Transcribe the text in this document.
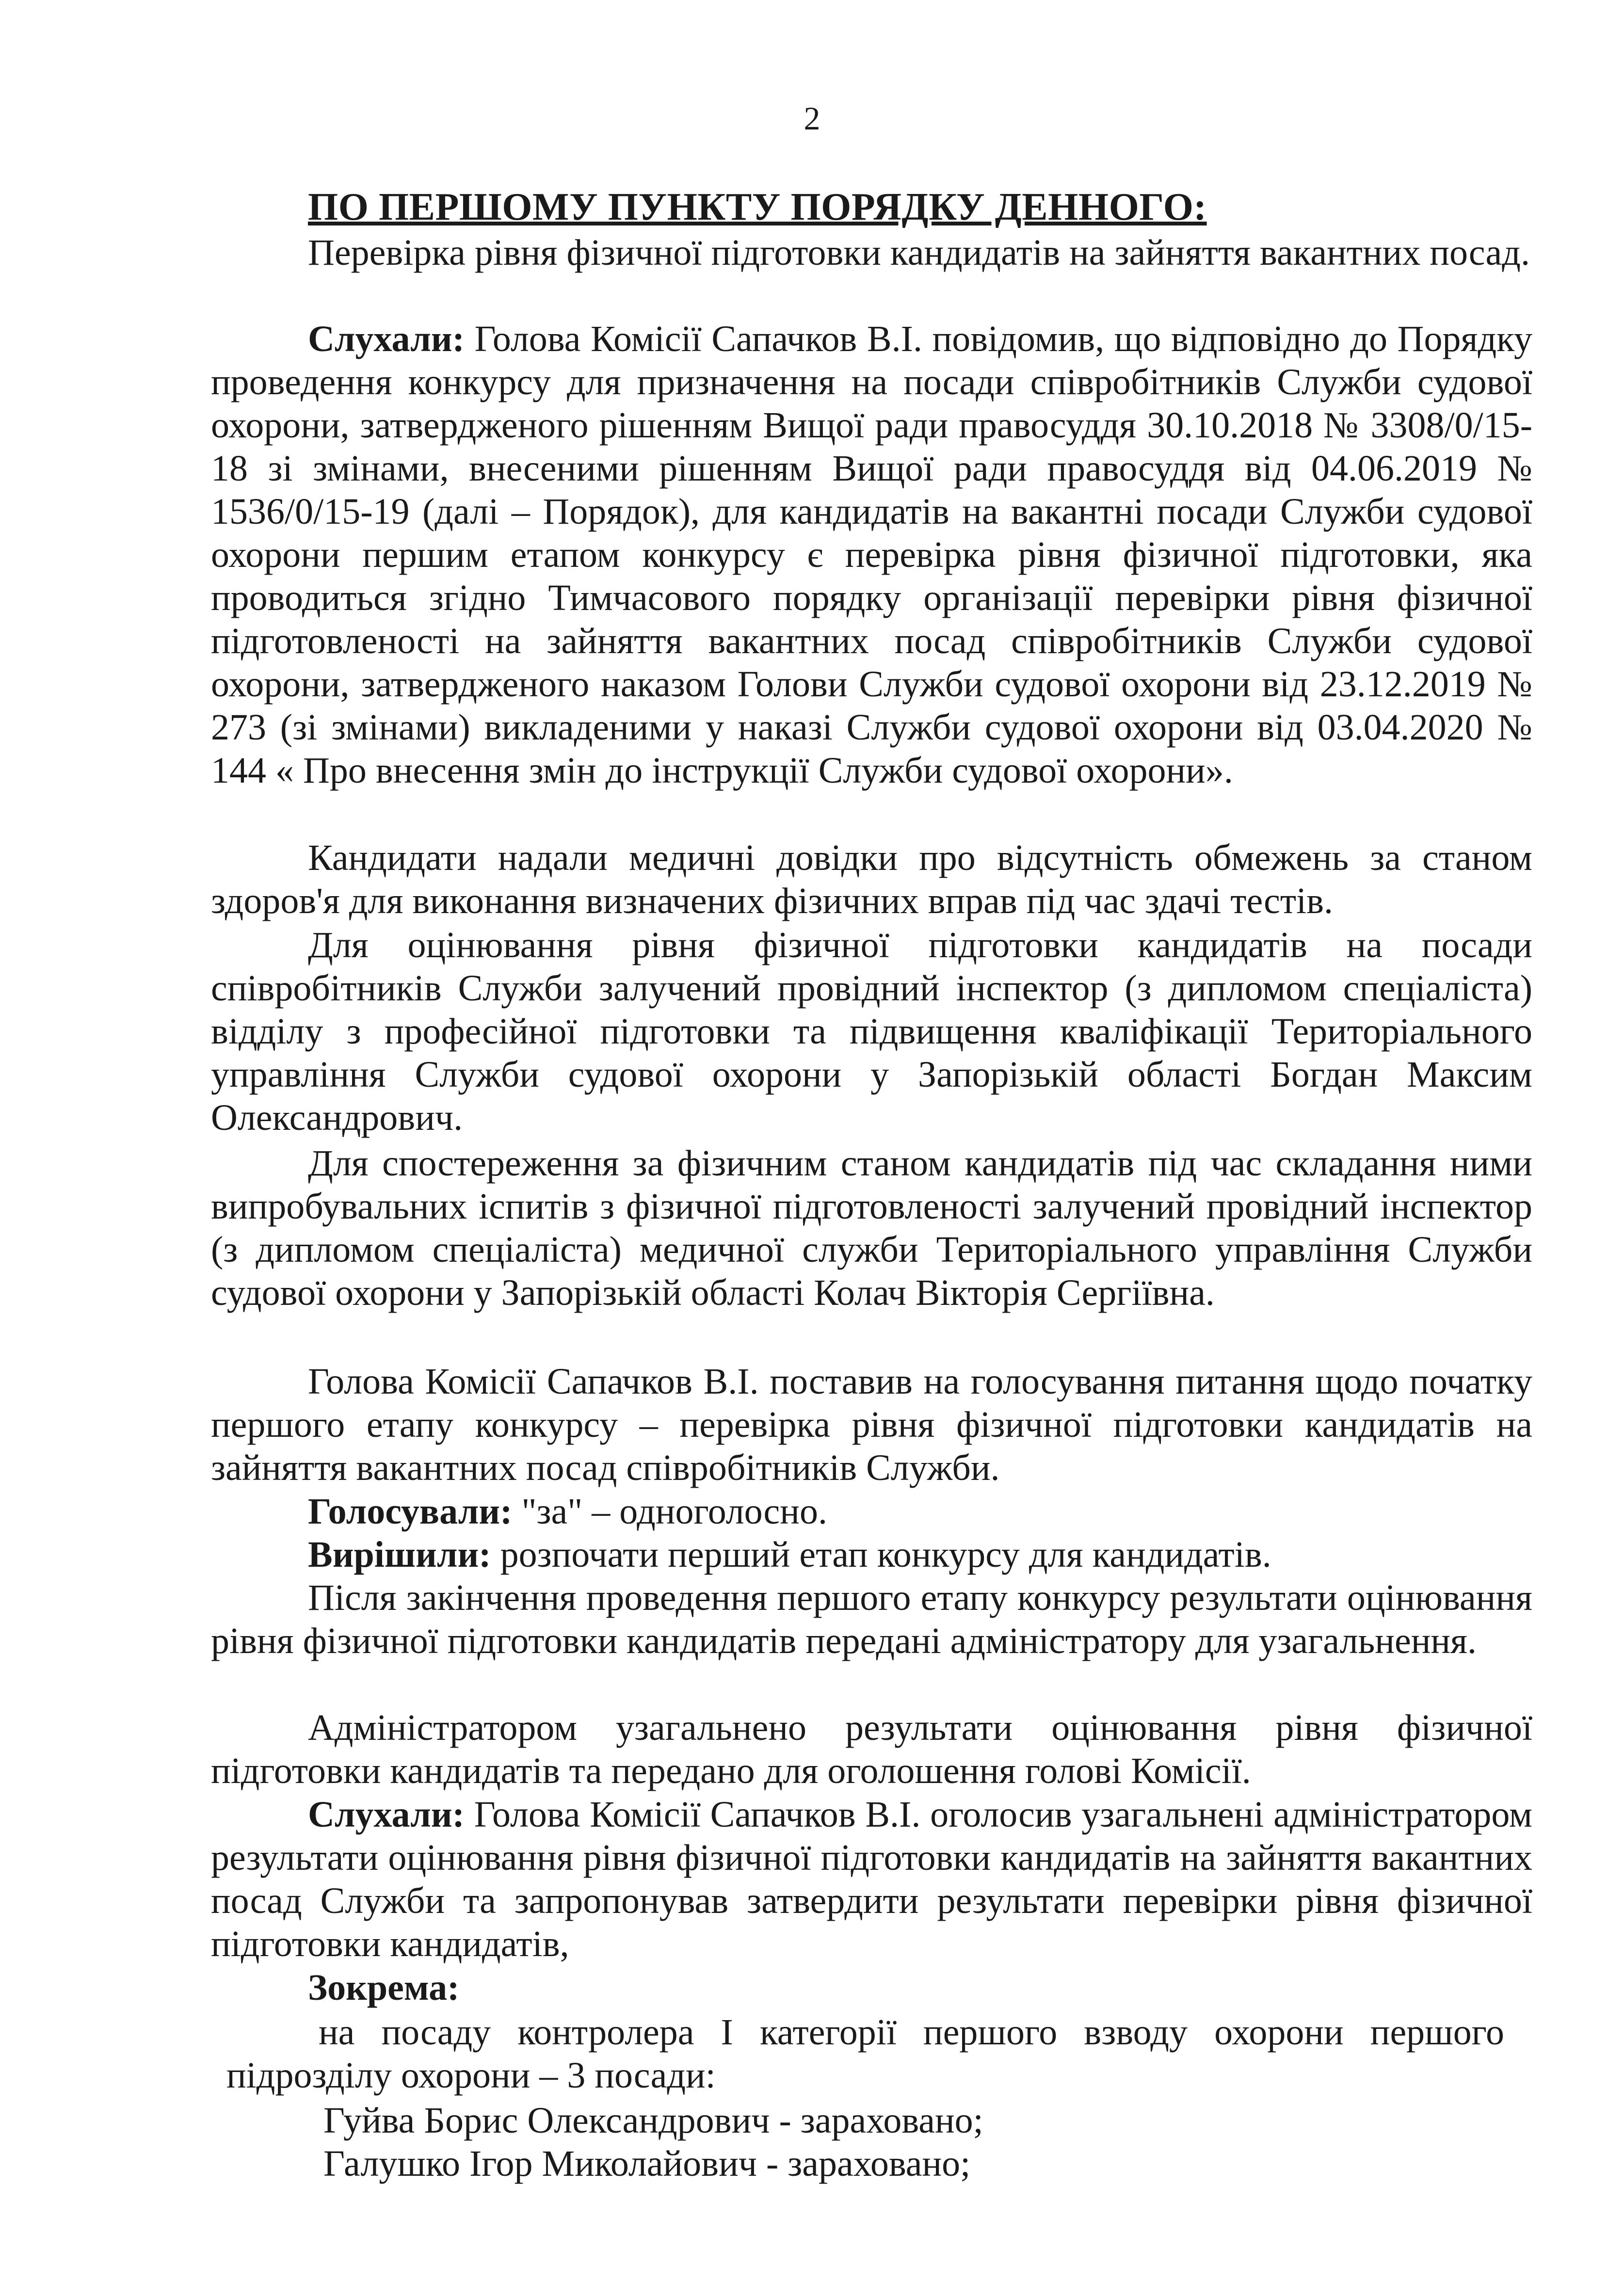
2
ПО ПЕРШОМУ ПУНКТУ ПОРЯДКУ ДЕННОГО:

Перевірка рівня фізичної підготовки кандидатів на зайняття вакантних посад.

Слухали: Голова Комісії Сапачков В.І. повідомив, що відповідно до Порядку проведення конкурсу для призначення на посади співробітників Служби судової охорони, затвердженого рішенням Вищої ради правосуддя 30.10.2018 № 3308/0/15-18 зі змінами, внесеними рішенням Вищої ради правосуддя від 04.06.2019 № 1536/0/15-19 (далі – Порядок), для кандидатів на вакантні посади Служби судової охорони першим етапом конкурсу є перевірка рівня фізичної підготовки, яка проводиться згідно Тимчасового порядку організації перевірки рівня фізичної підготовленості на зайняття вакантних посад співробітників Служби судової охорони, затвердженого наказом Голови Служби судової охорони від 23.12.2019 № 273 (зі змінами) викладеними у наказі Служби судової охорони від 03.04.2020 № 144 « Про внесення змін до інструкції Служби судової охорони».

Кандидати надали медичні довідки про відсутність обмежень за станом здоров'я для виконання визначених фізичних вправ під час здачі тестів.

Для оцінювання рівня фізичної підготовки кандидатів на посади співробітників Служби залучений провідний інспектор (з дипломом спеціаліста) відділу з професійної підготовки та підвищення кваліфікації Територіального управління Служби судової охорони у Запорізькій області Богдан Максим Олександрович.

Для спостереження за фізичним станом кандидатів під час складання ними випробувальних іспитів з фізичної підготовленості залучений провідний інспектор (з дипломом спеціаліста) медичної служби Територіального управління Служби судової охорони у Запорізькій області Колач Вікторія Сергіївна.

Голова Комісії Сапачков В.І. поставив на голосування питання щодо початку першого етапу конкурсу – перевірка рівня фізичної підготовки кандидатів на зайняття вакантних посад співробітників Служби.

Голосували: "за" – одноголосно.

Вирішили: розпочати перший етап конкурсу для кандидатів.

Після закінчення проведення першого етапу конкурсу результати оцінювання рівня фізичної підготовки кандидатів передані адміністратору для узагальнення.

Адміністратором узагальнено результати оцінювання рівня фізичної підготовки кандидатів та передано для оголошення голові Комісії.

Слухали: Голова Комісії Сапачков В.І. оголосив узагальнені адміністратором результати оцінювання рівня фізичної підготовки кандидатів на зайняття вакантних посад Служби та запропонував затвердити результати перевірки рівня фізичної підготовки кандидатів,

Зокрема:
на посаду контролера І категорії першого взводу охорони першого
підрозділу охорони – 3 посади:
Гуйва Борис Олександрович - зараховано;
Галушко Ігор Миколайович - зараховано;
